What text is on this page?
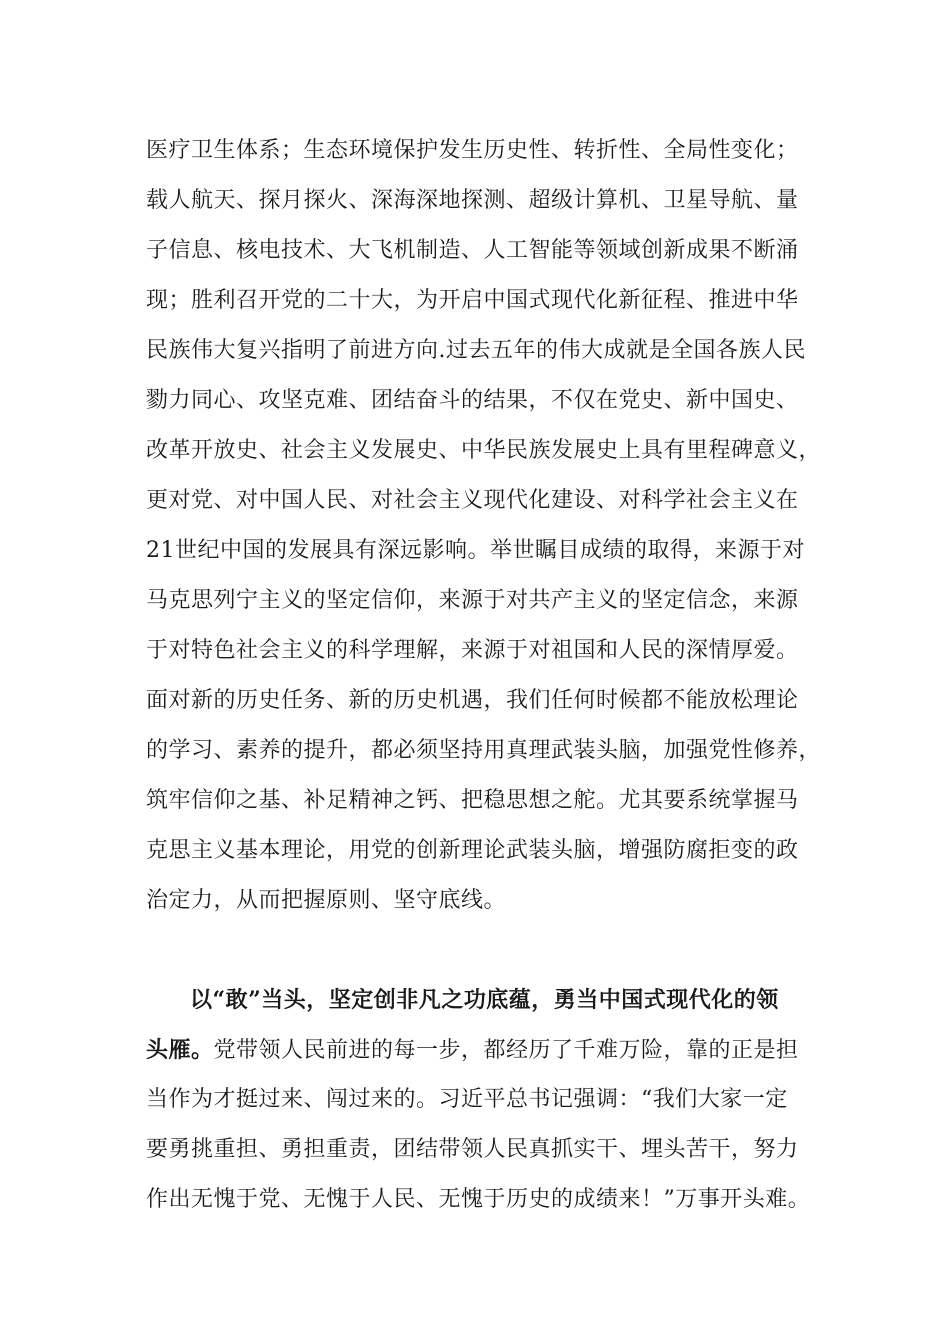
医疗卫生体系；生态环境保护发生历史性、转折性、全局性变化；
载人航天、探月探火、深海深地探测、超级计算机、卫星导航、量
子信息、核电技术、大飞机制造、人工智能等领域创新成果不断涌
现；胜利召开党的二十大，为开启中国式现代化新征程、推进中华
民族伟大复兴指明了前进方向.过去五年的伟大成就是全国各族人民
勠力同心、攻坚克难、团结奋斗的结果，不仅在党史、新中国史、
改革开放史、社会主义发展史、中华民族发展史上具有里程碑意义，
更对党、对中国人民、对社会主义现代化建设、对科学社会主义在
21世纪中国的发展具有深远影响。举世瞩目成绩的取得，来源于对
马克思列宁主义的坚定信仰，来源于对共产主义的坚定信念，来源
于对特色社会主义的科学理解，来源于对祖国和人民的深情厚爱。
面对新的历史任务、新的历史机遇，我们任何时候都不能放松理论
的学习、素养的提升，都必须坚持用真理武装头脑，加强党性修养，
筑牢信仰之基、补足精神之钙、把稳思想之舵。尤其要系统掌握马
克思主义基本理论，用党的创新理论武装头脑，增强防腐拒变的政
治定力，从而把握原则、坚守底线。
以“敢”当头，坚定创非凡之功底蕴，勇当中国式现代化的领
头雁。党带领人民前进的每一步，都经历了千难万险，靠的正是担
当作为才挺过来、闯过来的。习近平总书记强调：“我们大家一定
要勇挑重担、勇担重责，团结带领人民真抓实干、埋头苦干，努力
作出无愧于党、无愧于人民、无愧于历史的成绩来！”万事开头难。
